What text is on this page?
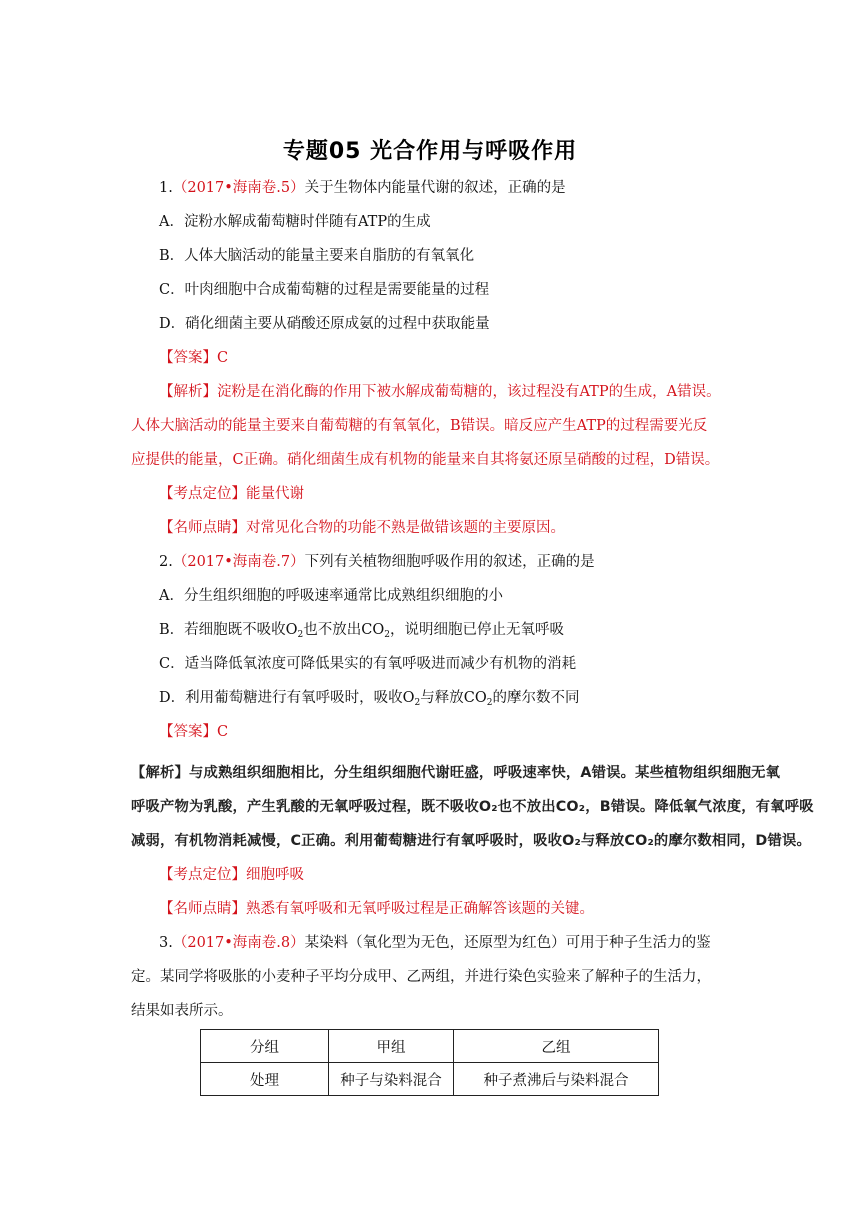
专题05 光合作用与呼吸作用
1.（2017•海南卷.5）关于生物体内能量代谢的叙述，正确的是
A．淀粉水解成葡萄糖时伴随有ATP的生成
B．人体大脑活动的能量主要来自脂肪的有氧氧化
C．叶肉细胞中合成葡萄糖的过程是需要能量的过程
D．硝化细菌主要从硝酸还原成氨的过程中获取能量
【答案】C
【解析】淀粉是在消化酶的作用下被水解成葡萄糖的，该过程没有ATP的生成，A错误。
人体大脑活动的能量主要来自葡萄糖的有氧氧化，B错误。暗反应产生ATP的过程需要光反
应提供的能量，C正确。硝化细菌生成有机物的能量来自其将氨还原呈硝酸的过程，D错误。
【考点定位】能量代谢
【名师点睛】对常见化合物的功能不熟是做错该题的主要原因。
2.（2017•海南卷.7）下列有关植物细胞呼吸作用的叙述，正确的是
A．分生组织细胞的呼吸速率通常比成熟组织细胞的小
B．若细胞既不吸收$O_2$也不放出$CO_2$，说明细胞已停止无氧呼吸
C．适当降低氧浓度可降低果实的有氧呼吸进而减少有机物的消耗
D．利用葡萄糖进行有氧呼吸时，吸收$O_2$与释放$CO_2$的摩尔数不同
【答案】C
【解析】与成熟组织细胞相比，分生组织细胞代谢旺盛，呼吸速率快，A错误。某些植物组织细胞无氧
呼吸产物为乳酸，产生乳酸的无氧呼吸过程，既不吸收O₂也不放出CO₂，B错误。降低氧气浓度，有氧呼吸
减弱，有机物消耗减慢，C正确。利用葡萄糖进行有氧呼吸时，吸收O₂与释放CO₂的摩尔数相同，D错误。
【考点定位】细胞呼吸
【名师点睛】熟悉有氧呼吸和无氧呼吸过程是正确解答该题的关键。
3.（2017•海南卷.8）某染料（氧化型为无色，还原型为红色）可用于种子生活力的鉴
定。某同学将吸胀的小麦种子平均分成甲、乙两组，并进行染色实验来了解种子的生活力，
结果如表所示。
分组	甲组	乙组
处理	种子与染料混合	种子煮沸后与染料混合
